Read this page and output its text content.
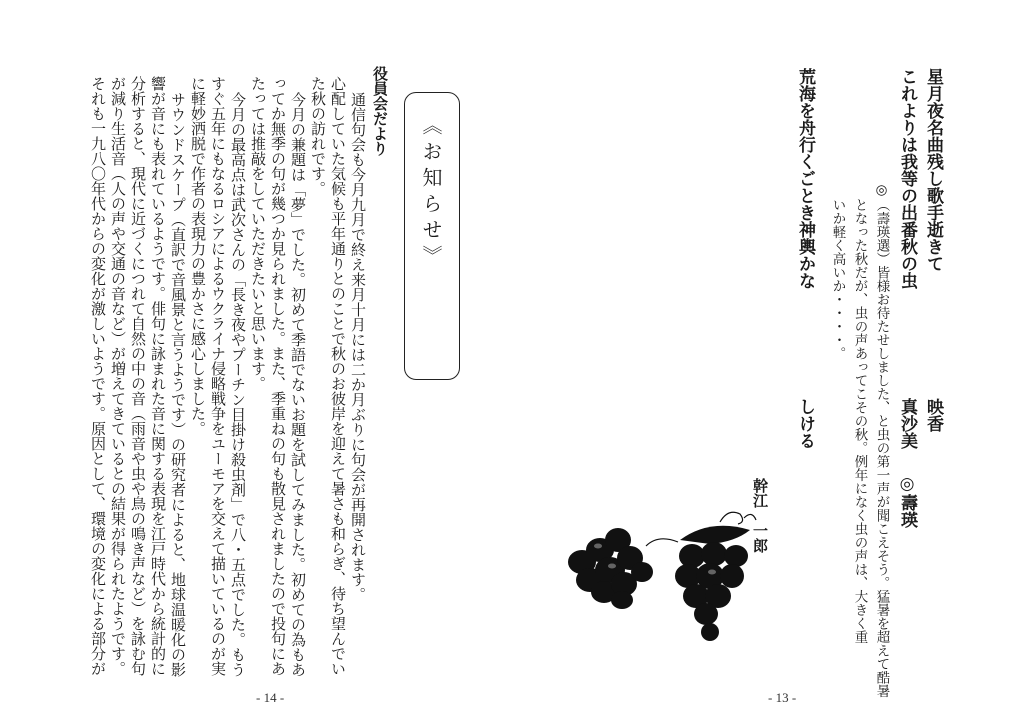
星月夜名曲残し歌手逝きて
映香
これよりは我等の出番秋の虫
真沙美
◎壽瑛
◎（壽瑛選）皆様お待たせしました、と虫の第一声が聞こえそう。猛暑を超えて酷暑
となった秋だが、虫の声あってこその秋。例年になく虫の声は、大きく重
いか軽く高いか・・・・。
荒海を舟行くごとき神輿かな
しける
幹江　一郎
- 13 -
《お知らせ》
役員会だより
通信句会も今月九月で終え来月十月には二か月ぶりに句会が再開されます。
心配していた気候も平年通りとのことで秋のお彼岸を迎えて暑さも和らぎ、待ち望んでい
た秋の訪れです。
今月の兼題は「夢」でした。初めて季語でないお題を試してみました。初めての為もあ
ってか無季の句が幾つか見られました。また、季重ねの句も散見されましたので投句にあ
たっては推敲をしていただきたいと思います。
今月の最高点は武次さんの「長き夜やプーチン目掛け殺虫剤」で八・五点でした。もう
すぐ五年にもなるロシアによるウクライナ侵略戦争をユーモアを交えて描いているのが実
に軽妙洒脱で作者の表現力の豊かさに感心しました。
サウンドスケープ（直訳で音風景と言うようです）の研究者によると、地球温暖化の影
響が音にも表れているようです。俳句に詠まれた音に関する表現を江戸時代から統計的に
分析すると、現代に近づくにつれて自然の中の音（雨音や虫や鳥の鳴き声など）を詠む句
が減り生活音（人の声や交通の音など）が増えてきているとの結果が得られたようです。
それも一九八〇年代からの変化が激しいようです。原因として、環境の変化による部分が
- 14 -
